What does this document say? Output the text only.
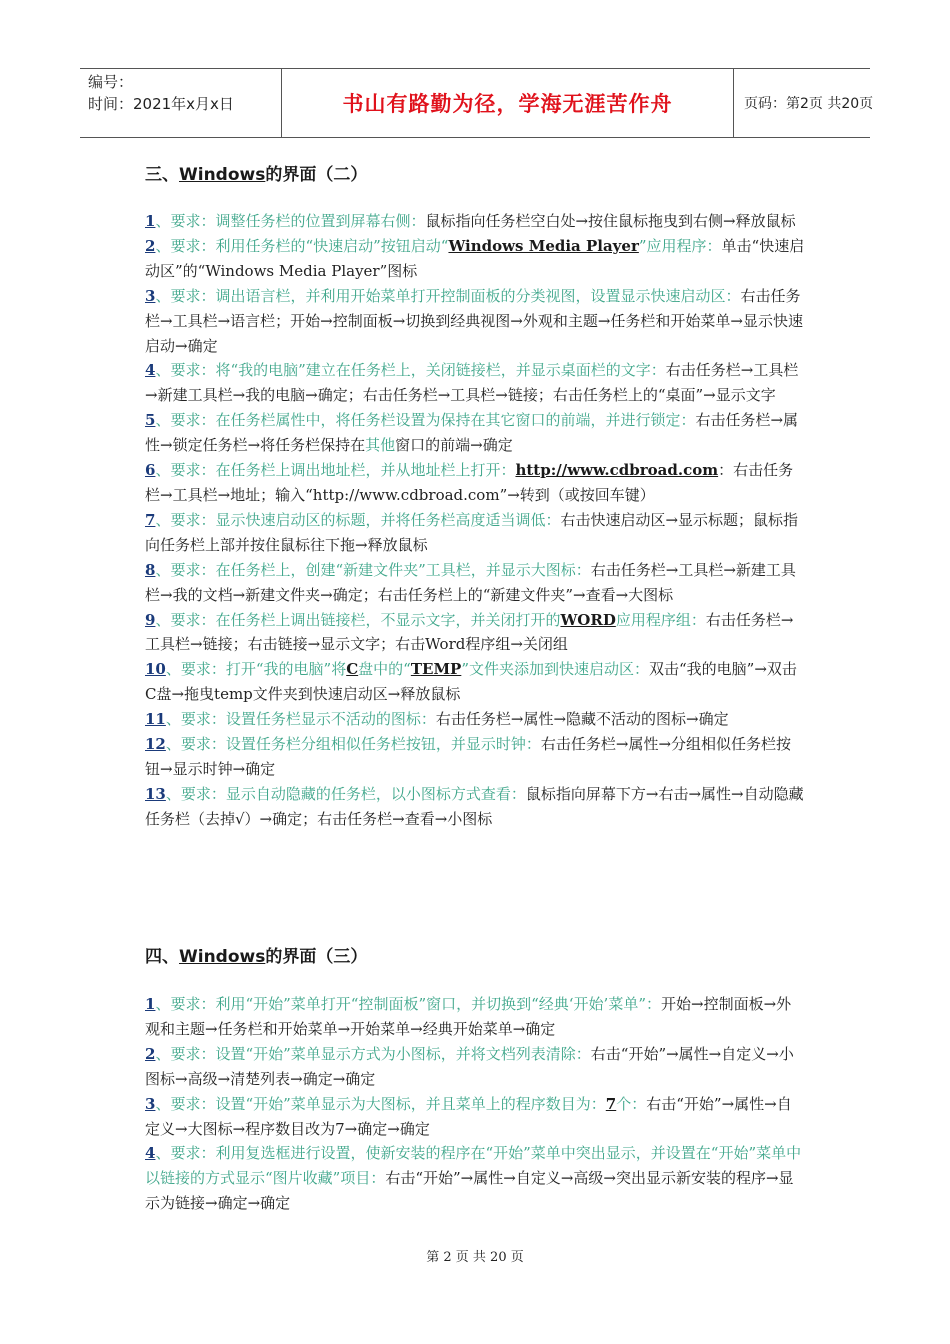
编号：
时间：2021年x月x日	书山有路勤为径，学海无涯苦作舟	页码：第2页 共20页
三、Windows的界面（二）

1、要求：调整任务栏的位置到屏幕右侧：鼠标指向任务栏空白处→按住鼠标拖曳到右侧→释放鼠标

2、要求：利用任务栏的“快速启动”按钮启动“Windows Media Player”应用程序：单击“快速启动区”的“Windows Media Player”图标

3、要求：调出语言栏，并利用开始菜单打开控制面板的分类视图，设置显示快速启动区：右击任务栏→工具栏→语言栏；开始→控制面板→切换到经典视图→外观和主题→任务栏和开始菜单→显示快速启动→确定

4、要求：将“我的电脑”建立在任务栏上，关闭链接栏，并显示桌面栏的文字：右击任务栏→工具栏→新建工具栏→我的电脑→确定；右击任务栏→工具栏→链接；右击任务栏上的“桌面”→显示文字

5、要求：在任务栏属性中，将任务栏设置为保持在其它窗口的前端，并进行锁定：右击任务栏→属性→锁定任务栏→将任务栏保持在其他窗口的前端→确定

6、要求：在任务栏上调出地址栏，并从地址栏上打开：http://www.cdbroad.com：右击任务栏→工具栏→地址；输入“http://www.cdbroad.com”→转到（或按回车键）

7、要求：显示快速启动区的标题，并将任务栏高度适当调低：右击快速启动区→显示标题；鼠标指向任务栏上部并按住鼠标往下拖→释放鼠标

8、要求：在任务栏上，创建“新建文件夹”工具栏，并显示大图标：右击任务栏→工具栏→新建工具栏→我的文档→新建文件夹→确定；右击任务栏上的“新建文件夹”→查看→大图标

9、要求：在任务栏上调出链接栏，不显示文字，并关闭打开的WORD应用程序组：右击任务栏→工具栏→链接；右击链接→显示文字；右击Word程序组→关闭组

10、要求：打开“我的电脑”将C盘中的“TEMP”文件夹添加到快速启动区：双击“我的电脑”→双击C盘→拖曳temp文件夹到快速启动区→释放鼠标

11、要求：设置任务栏显示不活动的图标：右击任务栏→属性→隐藏不活动的图标→确定

12、要求：设置任务栏分组相似任务栏按钮，并显示时钟：右击任务栏→属性→分组相似任务栏按钮→显示时钟→确定

13、要求：显示自动隐藏的任务栏，以小图标方式查看：鼠标指向屏幕下方→右击→属性→自动隐藏任务栏（去掉√）→确定；右击任务栏→查看→小图标

四、Windows的界面（三）

1、要求：利用“开始”菜单打开“控制面板”窗口，并切换到“经典‘开始’菜单”：开始→控制面板→外观和主题→任务栏和开始菜单→开始菜单→经典开始菜单→确定

2、要求：设置“开始”菜单显示方式为小图标，并将文档列表清除：右击“开始”→属性→自定义→小图标→高级→清楚列表→确定→确定

3、要求：设置“开始”菜单显示为大图标，并且菜单上的程序数目为：7个：右击“开始”→属性→自定义→大图标→程序数目改为7→确定→确定

4、要求：利用复选框进行设置，使新安装的程序在“开始”菜单中突出显示，并设置在“开始”菜单中以链接的方式显示“图片收藏”项目：右击“开始”→属性→自定义→高级→突出显示新安装的程序→显示为链接→确定→确定

第 2 页 共 20 页
